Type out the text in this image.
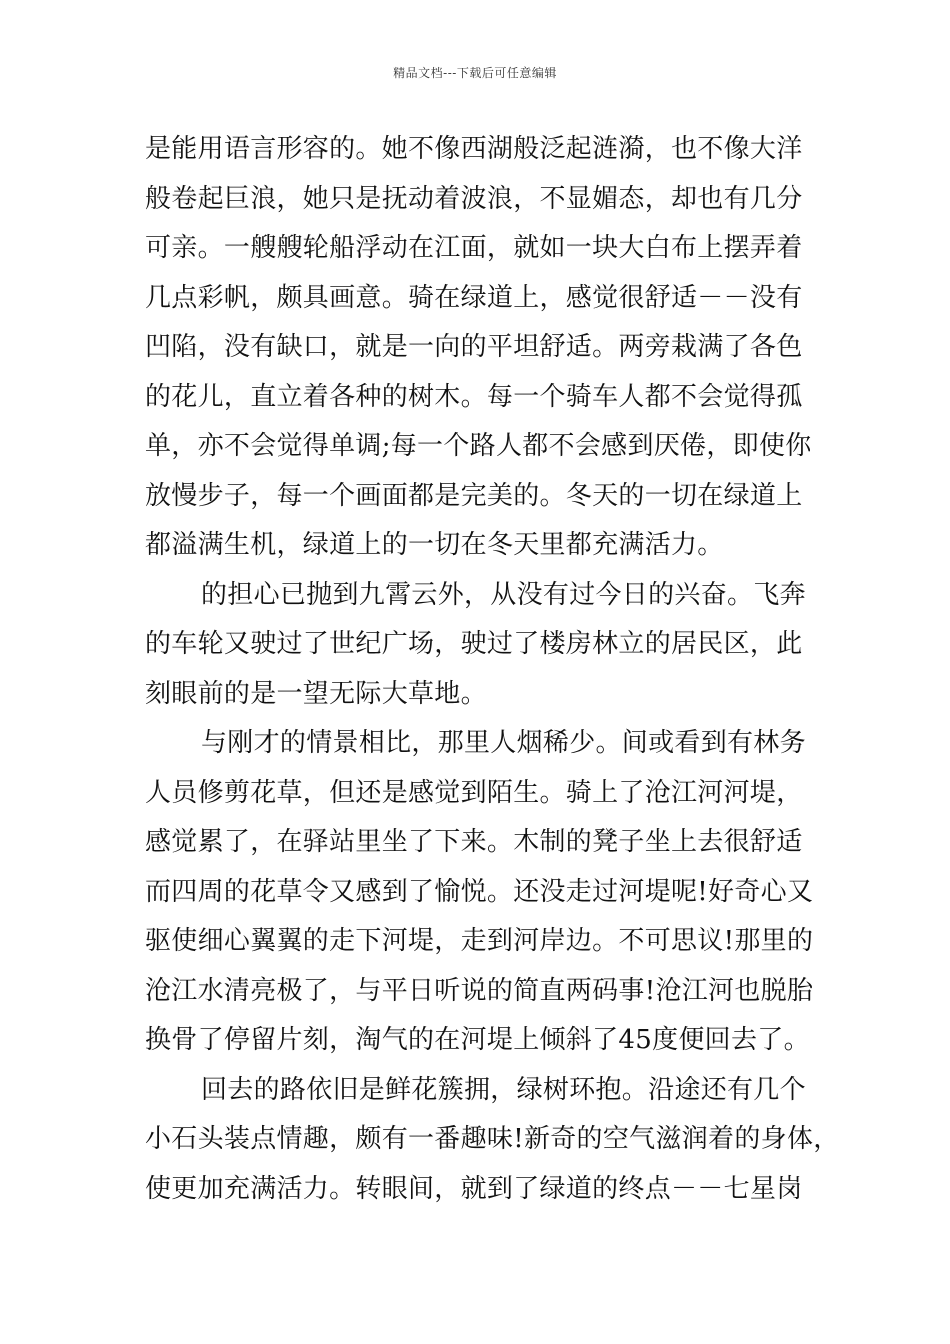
精品文档---下载后可任意编辑
是能用语言形容的。她不像西湖般泛起涟漪，也不像大洋
般卷起巨浪，她只是抚动着波浪，不显媚态，却也有几分
可亲。一艘艘轮船浮动在江面，就如一块大白布上摆弄着
几点彩帆，颇具画意。骑在绿道上，感觉很舒适－－没有
凹陷，没有缺口，就是一向的平坦舒适。两旁栽满了各色
的花儿，直立着各种的树木。每一个骑车人都不会觉得孤
单，亦不会觉得单调;每一个路人都不会感到厌倦，即使你
放慢步子，每一个画面都是完美的。冬天的一切在绿道上
都溢满生机，绿道上的一切在冬天里都充满活力。
的担心已抛到九霄云外，从没有过今日的兴奋。飞奔
的车轮又驶过了世纪广场，驶过了楼房林立的居民区，此
刻眼前的是一望无际大草地。
与刚才的情景相比，那里人烟稀少。间或看到有林务
人员修剪花草，但还是感觉到陌生。骑上了沧江河河堤，
感觉累了，在驿站里坐了下来。木制的凳子坐上去很舒适
而四周的花草令又感到了愉悦。还没走过河堤呢!好奇心又
驱使细心翼翼的走下河堤，走到河岸边。不可思议!那里的
沧江水清亮极了，与平日听说的简直两码事!沧江河也脱胎
换骨了停留片刻，淘气的在河堤上倾斜了45度便回去了。
回去的路依旧是鲜花簇拥，绿树环抱。沿途还有几个
小石头装点情趣，颇有一番趣味!新奇的空气滋润着的身体，
使更加充满活力。转眼间，就到了绿道的终点－－七星岗
